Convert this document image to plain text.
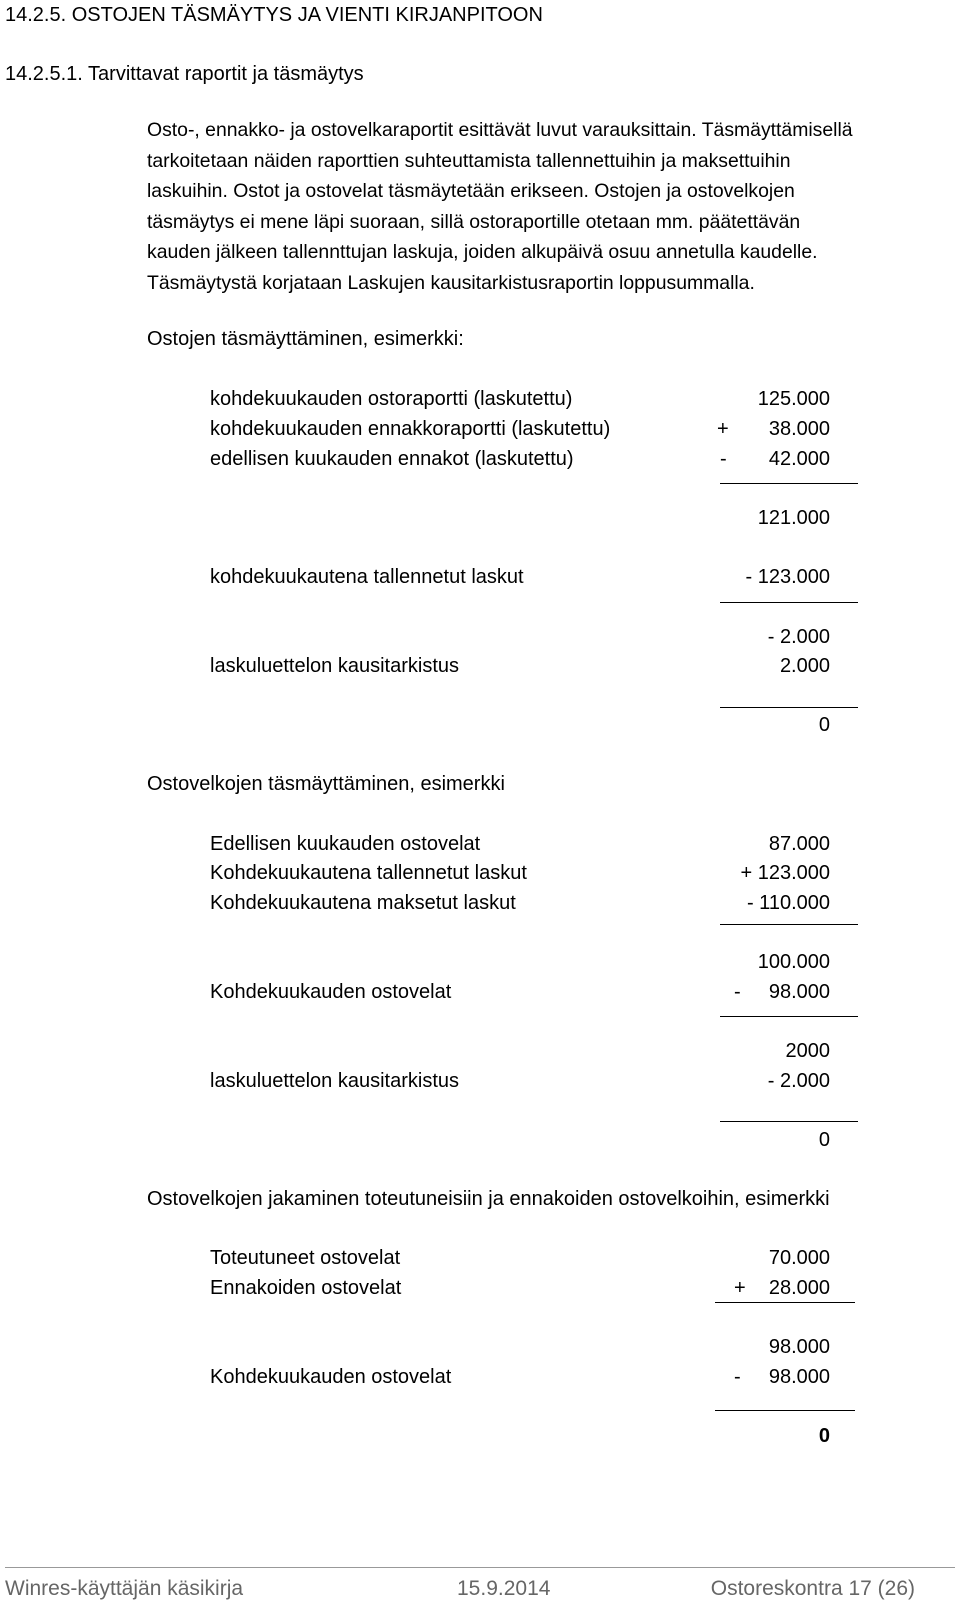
14.2.5. OSTOJEN TÄSMÄYTYS JA VIENTI KIRJANPITOON
14.2.5.1. Tarvittavat raportit ja täsmäytys
Osto-, ennakko- ja ostovelkaraportit esittävät luvut varauksittain. Täsmäyttämisellä
tarkoitetaan näiden raporttien suhteuttamista tallennettuihin ja maksettuihin
laskuihin. Ostot ja ostovelat täsmäytetään erikseen. Ostojen ja ostovelkojen
täsmäytys ei mene läpi suoraan, sillä ostoraportille otetaan mm. päätettävän
kauden jälkeen tallennttujan laskuja, joiden alkupäivä osuu annetulla kaudelle.
Täsmäytystä korjataan Laskujen kausitarkistusraportin loppusummalla.
Ostojen täsmäyttäminen, esimerkki:
kohdekuukauden ostoraportti (laskutettu)	125.000
kohdekuukauden ennakkoraportti (laskutettu)	+ 38.000
edellisen kuukauden ennakot (laskutettu)	- 42.000
121.000
kohdekuukautena tallennetut laskut	- 123.000
- 2.000
laskuluettelon kausitarkistus	2.000
0
Ostovelkojen täsmäyttäminen, esimerkki
Edellisen kuukauden ostovelat	87.000
Kohdekuukautena tallennetut laskut	+ 123.000
Kohdekuukautena maksetut laskut	- 110.000
100.000
Kohdekuukauden ostovelat	- 98.000
2000
laskuluettelon kausitarkistus	- 2.000
0
Ostovelkojen jakaminen toteutuneisiin ja ennakoiden ostovelkoihin, esimerkki
Toteutuneet ostovelat	70.000
Ennakoiden ostovelat	+ 28.000
98.000
Kohdekuukauden ostovelat	- 98.000
0
Winres-käyttäjän käsikirja	15.9.2014	Ostoreskontra 17 (26)
